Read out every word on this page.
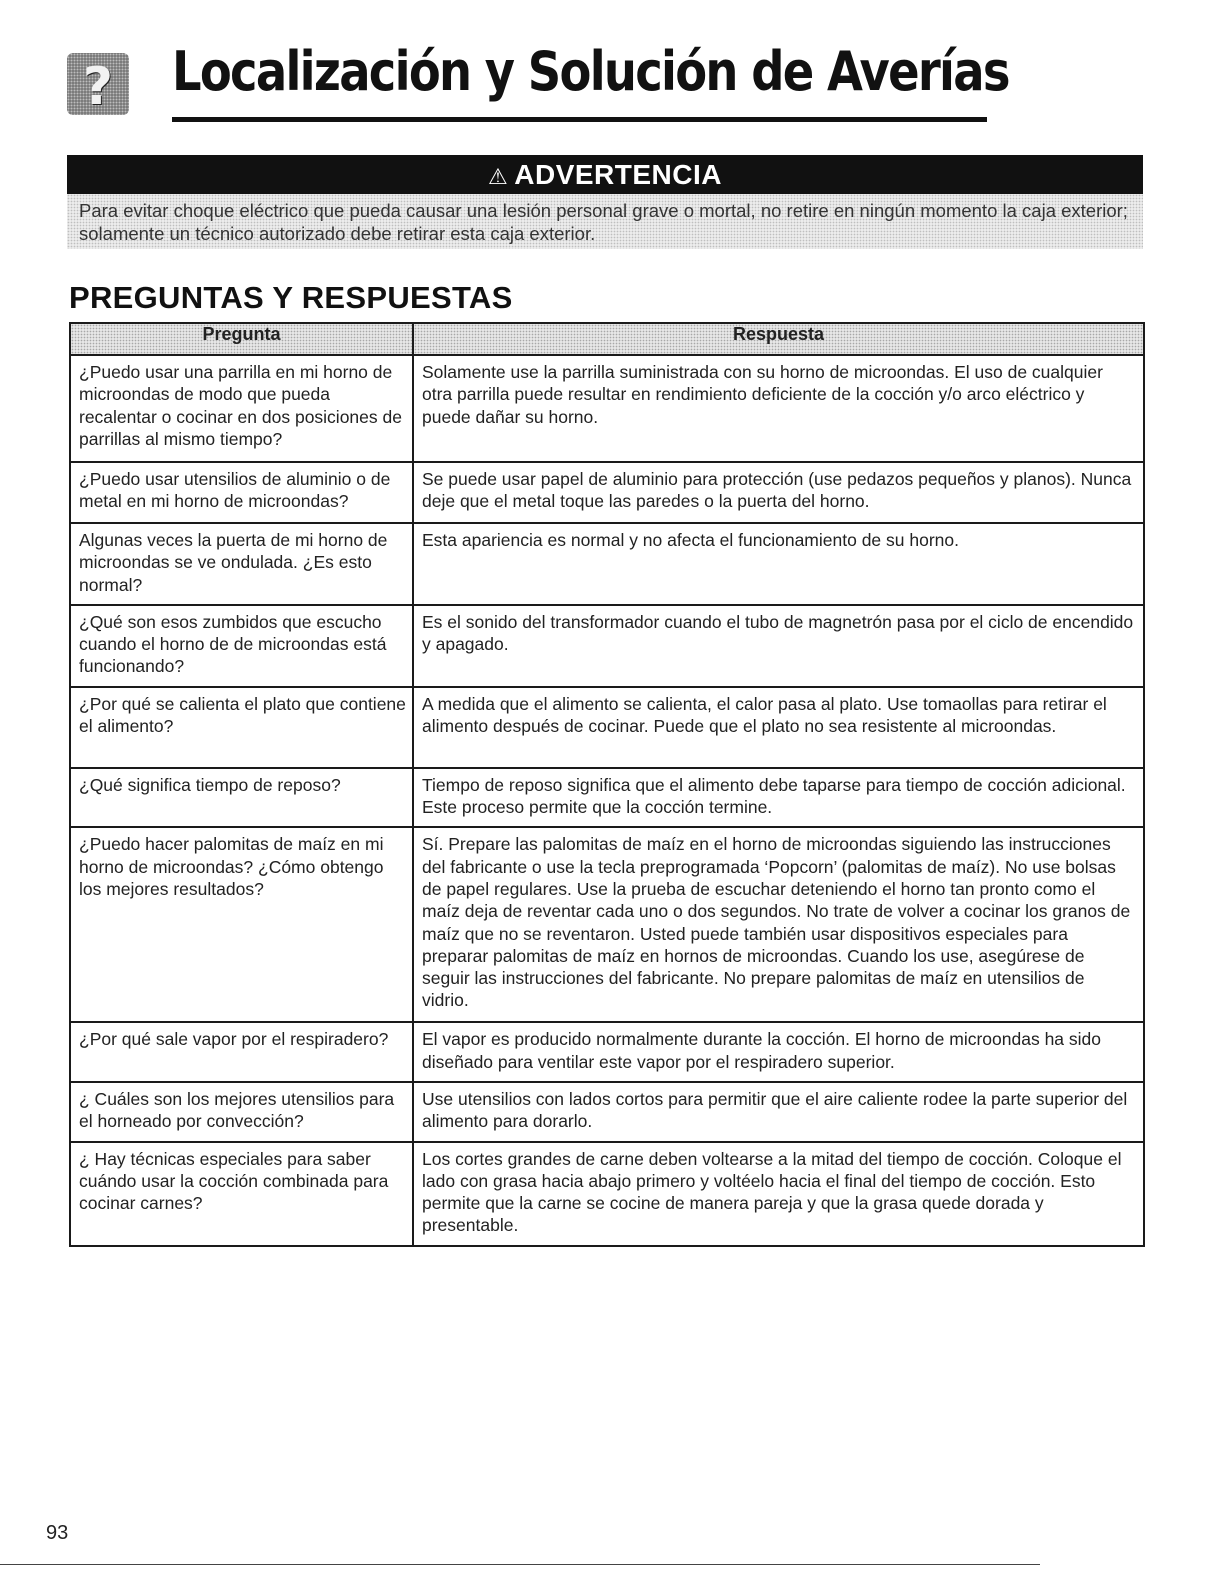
? Localización y Solución de Averías
⚠ ADVERTENCIA
Para evitar choque eléctrico que pueda causar una lesión personal grave o mortal, no retire en ningún momento la caja exterior; solamente un técnico autorizado debe retirar esta caja exterior.
PREGUNTAS Y RESPUESTAS
Pregunta	Respuesta
¿Puedo usar una parrilla en mi horno de microondas de modo que pueda recalentar o cocinar en dos posiciones de parrillas al mismo tiempo?	Solamente use la parrilla suministrada con su horno de microondas. El uso de cualquier otra parrilla puede resultar en rendimiento deficiente de la cocción y/o arco eléctrico y puede dañar su horno.
¿Puedo usar utensilios de aluminio o de metal en mi horno de microondas?	Se puede usar papel de aluminio para protección (use pedazos pequeños y planos). Nunca deje que el metal toque las paredes o la puerta del horno.
Algunas veces la puerta de mi horno de microondas se ve ondulada. ¿Es esto normal?	Esta apariencia es normal y no afecta el funcionamiento de su horno.
¿Qué son esos zumbidos que escucho cuando el horno de de microondas está funcionando?	Es el sonido del transformador cuando el tubo de magnetrón pasa por el ciclo de encendido y apagado.
¿Por qué se calienta el plato que contiene el alimento?	A medida que el alimento se calienta, el calor pasa al plato. Use tomaollas para retirar el alimento después de cocinar. Puede que el plato no sea resistente al microondas.
¿Qué significa tiempo de reposo?	Tiempo de reposo significa que el alimento debe taparse para tiempo de cocción adicional. Este proceso permite que la cocción termine.
¿Puedo hacer palomitas de maíz en mi horno de microondas? ¿Cómo obtengo los mejores resultados?	Sí. Prepare las palomitas de maíz en el horno de microondas siguiendo las instrucciones del fabricante o use la tecla preprogramada ‘Popcorn’ (palomitas de maíz). No use bolsas de papel regulares. Use la prueba de escuchar deteniendo el horno tan pronto como el maíz deja de reventar cada uno o dos segundos. No trate de volver a cocinar los granos de maíz que no se reventaron. Usted puede también usar dispositivos especiales para preparar palomitas de maíz en hornos de microondas. Cuando los use, asegúrese de seguir las instrucciones del fabricante. No prepare palomitas de maíz en utensilios de vidrio.
¿Por qué sale vapor por el respiradero?	El vapor es producido normalmente durante la cocción. El horno de microondas ha sido diseñado para ventilar este vapor por el respiradero superior.
¿ Cuáles son los mejores utensilios para el horneado por convección?	Use utensilios con lados cortos para permitir que el aire caliente rodee la parte superior del alimento para dorarlo.
¿ Hay técnicas especiales para saber cuándo usar la cocción combinada para cocinar carnes?	Los cortes grandes de carne deben voltearse a la mitad del tiempo de cocción. Coloque el lado con grasa hacia abajo primero y voltéelo hacia el final del tiempo de cocción. Esto permite que la carne se cocine de manera pareja y que la grasa quede dorada y presentable.
93
